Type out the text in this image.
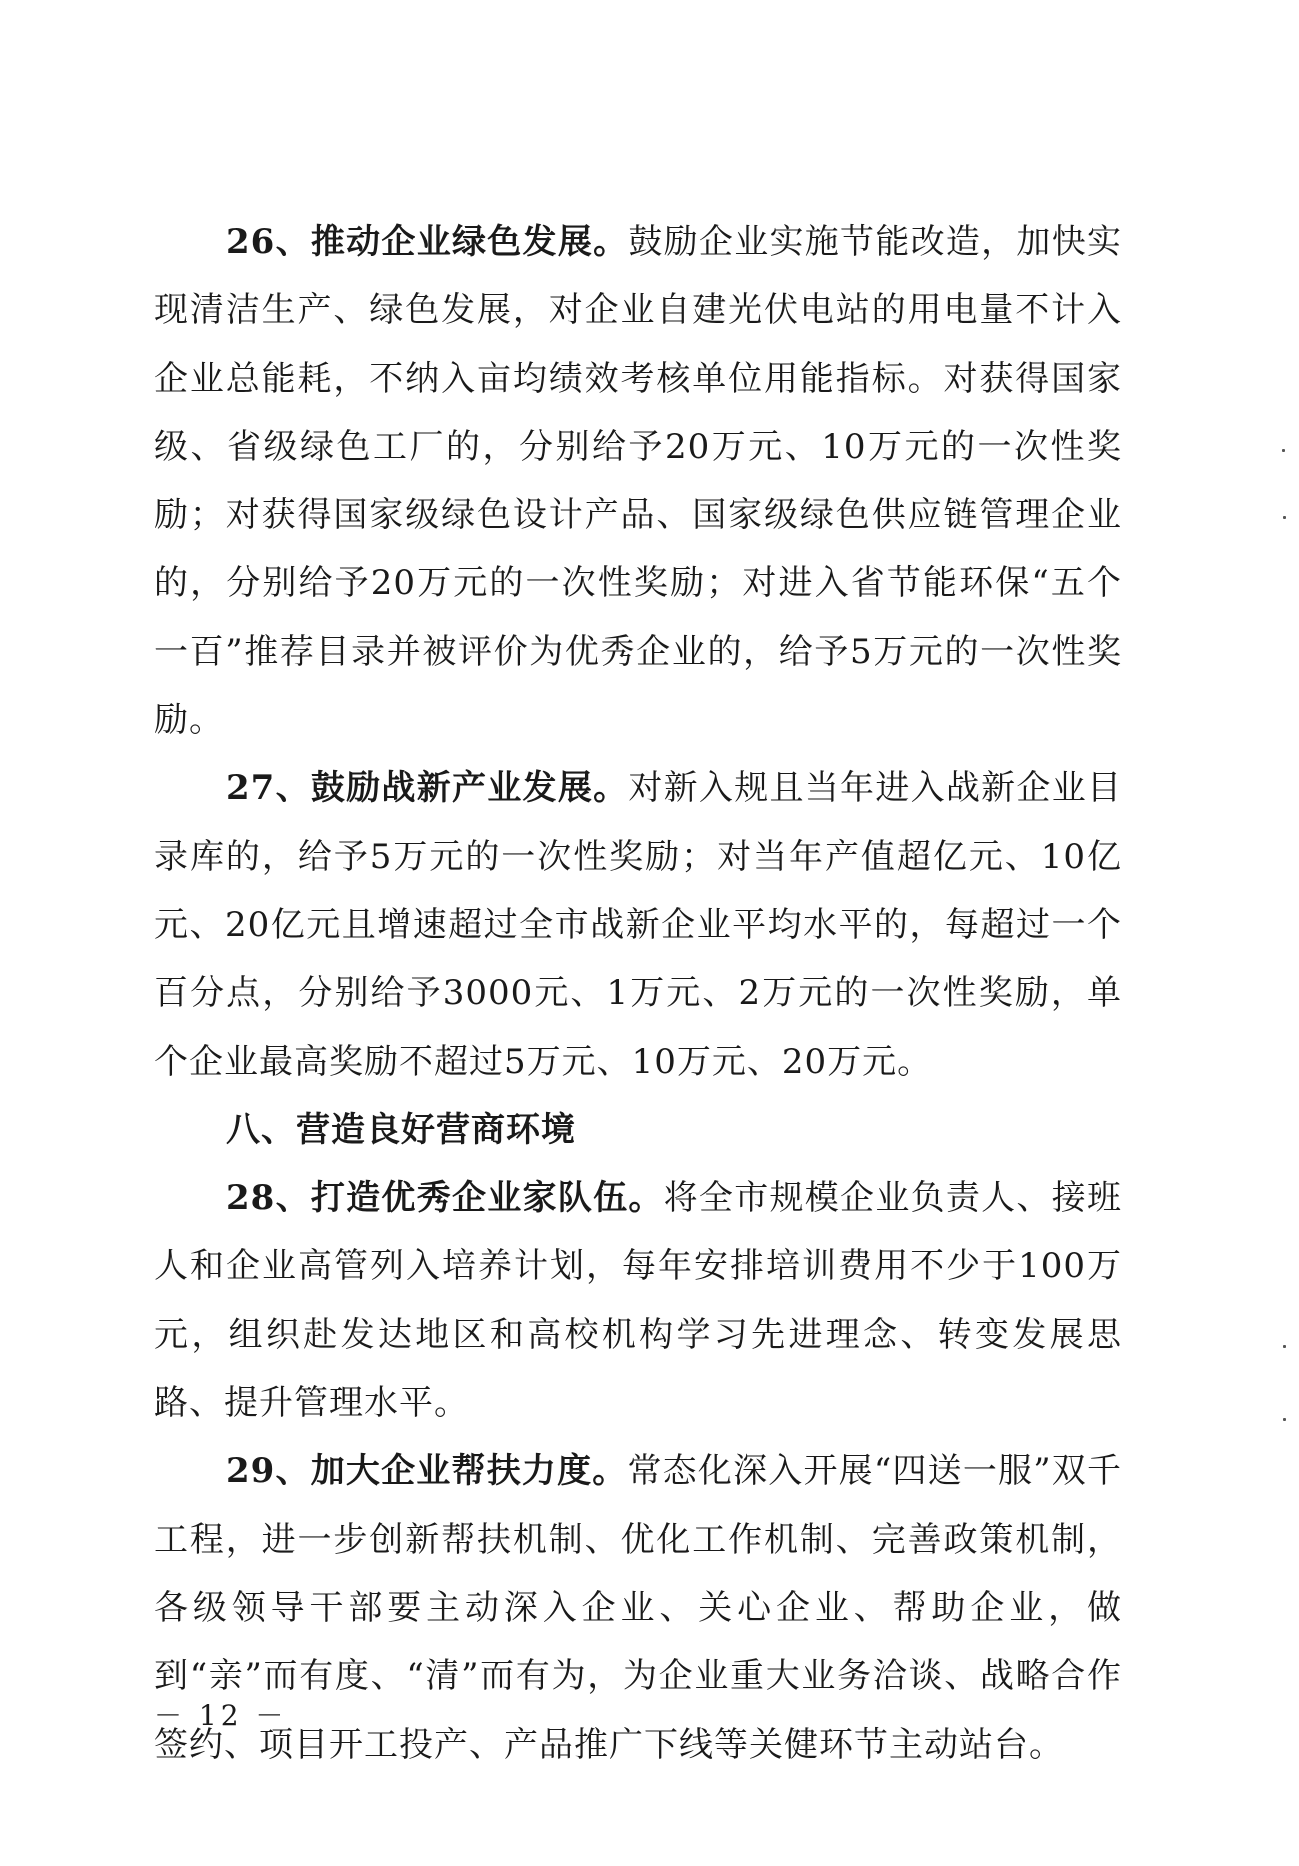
26、推动企业绿色发展。鼓励企业实施节能改造，加快实现清洁生产、绿色发展，对企业自建光伏电站的用电量不计入企业总能耗，不纳入亩均绩效考核单位用能指标。对获得国家级、省级绿色工厂的，分别给予20万元、10万元的一次性奖励；对获得国家级绿色设计产品、国家级绿色供应链管理企业的，分别给予20万元的一次性奖励；对进入省节能环保“五个一百”推荐目录并被评价为优秀企业的，给予5万元的一次性奖励。

27、鼓励战新产业发展。对新入规且当年进入战新企业目录库的，给予5万元的一次性奖励；对当年产值超亿元、10亿元、20亿元且增速超过全市战新企业平均水平的，每超过一个百分点，分别给予3000元、1万元、2万元的一次性奖励，单个企业最高奖励不超过5万元、10万元、20万元。

八、营造良好营商环境

28、打造优秀企业家队伍。将全市规模企业负责人、接班人和企业高管列入培养计划，每年安排培训费用不少于100万元，组织赴发达地区和高校机构学习先进理念、转变发展思路、提升管理水平。

29、加大企业帮扶力度。常态化深入开展“四送一服”双千工程，进一步创新帮扶机制、优化工作机制、完善政策机制，各级领导干部要主动深入企业、关心企业、帮助企业，做到“亲”而有度、“清”而有为，为企业重大业务洽谈、战略合作签约、项目开工投产、产品推广下线等关健环节主动站台。

－ 12 －
